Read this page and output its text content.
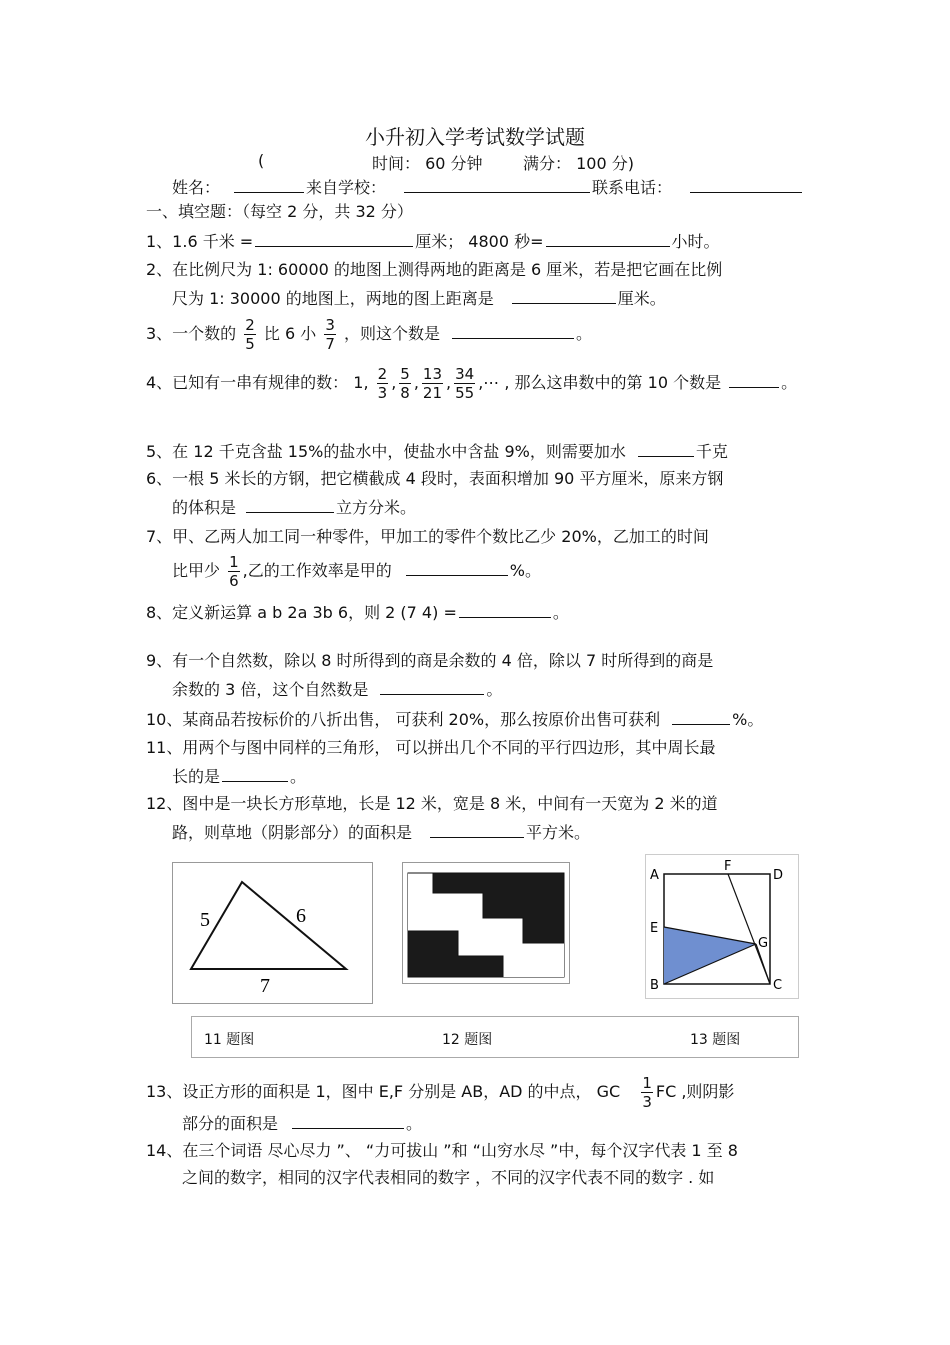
小升初入学考试数学试题
(	时间： 60 分钟	满分： 100 分)
姓名：	来自学校：	联系电话：
一、填空题：（每空 2 分，共 32 分）
1、1.6 千米 =	厘米； 4800 秒=	小时。
2、在比例尺为 1: 60000 的地图上测得两地的距离是 6 厘米，若是把它画在比例
尺为 1: 30000 的地图上，两地的图上距离是	厘米。
3、一个数的 $\frac{2}{5}$ 比 6 小 $\frac{3}{7}$ ，则这个数是	。
4、已知有一串有规律的数： 1, $\frac{2}{3}$ , $\frac{5}{8}$ , $\frac{13}{21}$ , $\frac{34}{55}$ ,⋯ , 那么这串数中的第 10 个数是	。
5、在 12 千克含盐 15%的盐水中，使盐水中含盐 9%，则需要加水	千克
6、一根 5 米长的方钢，把它横截成 4 段时，表面积增加 90 平方厘米，原来方钢
的体积是	立方分米。
7、甲、乙两人加工同一种零件，甲加工的零件个数比乙少 20%，乙加工的时间
比甲少 $\frac{1}{6}$ ,乙的工作效率是甲的	%。
8、定义新运算 a b 2a 3b 6，则 2 (7 4) =	。
9、有一个自然数，除以 8 时所得到的商是余数的 4 倍，除以 7 时所得到的商是
余数的 3 倍，这个自然数是	。
10、某商品若按标价的八折出售， 可获利 20%，那么按原价出售可获利	%。
11、用两个与图中同样的三角形， 可以拼出几个不同的平行四边形，其中周长最
长的是	。
12、图中是一块长方形草地，长是 12 米，宽是 8 米，中间有一天宽为 2 米的道
路，则草地（阴影部分）的面积是	平方米。
5	6
7
A
F
D
E
G
B	C
11 题图	12 题图	13 题图
13、设正方形的面积是 1，图中 E,F 分别是 AB，AD 的中点， GC $\frac{1}{3}$ FC ,则阴影
部分的面积是	。
14、在三个词语 尽心尽力 ”、 “力可拔山 ”和 “山穷水尽 ”中，每个汉字代表 1 至 8
之间的数字，相同的汉字代表相同的数字 ，不同的汉字代表不同的数字 . 如
